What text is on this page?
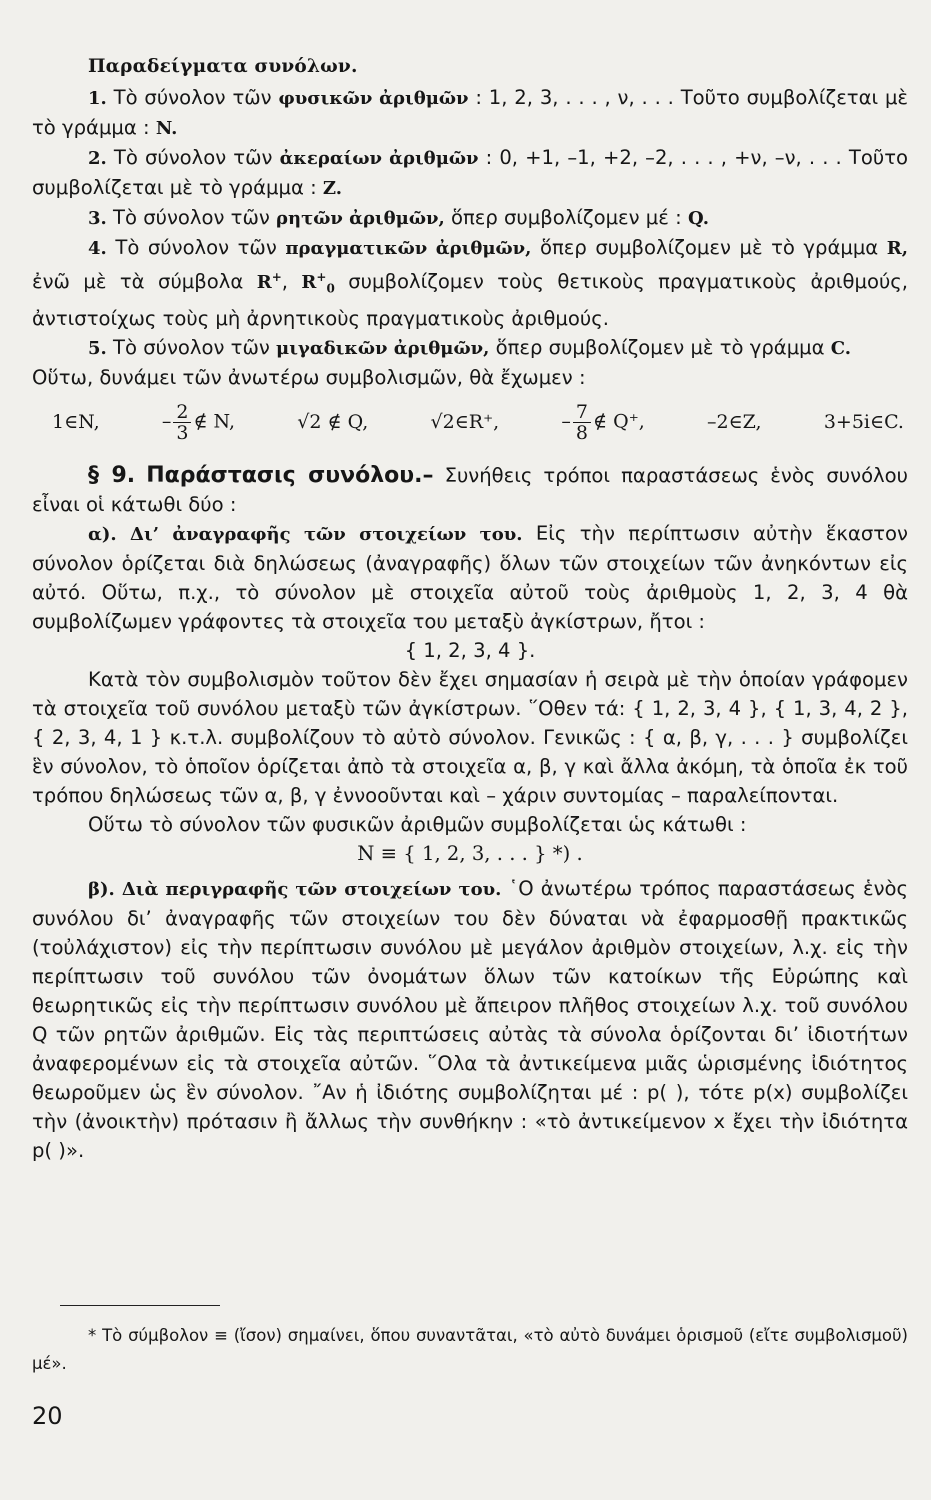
Παραδείγματα συνόλων.

1. Τὸ σύνολον τῶν φυσικῶν ἀριθμῶν : 1, 2, 3, . . . , ν, . . . Τοῦτο συμβολίζεται μὲ τὸ γράμμα : N.

2. Τὸ σύνολον τῶν ἀκεραίων ἀριθμῶν : 0, +1, –1, +2, –2, . . . , +ν, –ν, . . . Τοῦτο συμβολίζεται μὲ τὸ γράμμα : Z.

3. Τὸ σύνολον τῶν ρητῶν ἀριθμῶν, ὅπερ συμβολίζομεν μέ : Q.

4. Τὸ σύνολον τῶν πραγματικῶν ἀριθμῶν, ὅπερ συμβολίζομεν μὲ τὸ γράμμα R, ἐνῶ μὲ τὰ σύμβολα R+, $R^+_0$ συμβολίζομεν τοὺς θετικοὺς πραγματικοὺς ἀριθμούς, ἀντιστοίχως τοὺς μὴ ἀρνητικοὺς πραγματικοὺς ἀριθμούς.

5. Τὸ σύνολον τῶν μιγαδικῶν ἀριθμῶν, ὅπερ συμβολίζομεν μὲ τὸ γράμμα C.

Οὕτω, δυνάμει τῶν ἀνωτέρω συμβολισμῶν, θὰ ἔχωμεν :

1∈N,	– $\frac{2}{3}$ ∉ N,	√2 ∉ Q,	√2∈R⁺,	– $\frac{7}{8}$ ∉ Q⁺,	–2∈Z,	3+5i∈C.

§ 9. Παράστασις συνόλου.– Συνήθεις τρόποι παραστάσεως ἑνὸς συνόλου εἶναι οἱ κάτωθι δύο :

α). Δι’ ἀναγραφῆς τῶν στοιχείων του. Εἰς τὴν περίπτωσιν αὐτὴν ἕκαστον σύνολον ὁρίζεται διὰ δηλώσεως (ἀναγραφῆς) ὅλων τῶν στοιχείων τῶν ἀνηκόντων εἰς αὐτό. Οὕτω, π.χ., τὸ σύνολον μὲ στοιχεῖα αὐτοῦ τοὺς ἀριθμοὺς 1, 2, 3, 4 θὰ συμβολίζωμεν γράφοντες τὰ στοιχεῖα του μεταξὺ ἀγκίστρων, ἤτοι :

{ 1, 2, 3, 4 }.

Κατὰ τὸν συμβολισμὸν τοῦτον δὲν ἔχει σημασίαν ἡ σειρὰ μὲ τὴν ὁποίαν γράφομεν τὰ στοιχεῖα τοῦ συνόλου μεταξὺ τῶν ἀγκίστρων. ῞Οθεν τά: { 1, 2, 3, 4 }, { 1, 3, 4, 2 }, { 2, 3, 4, 1 } κ.τ.λ. συμβολίζουν τὸ αὐτὸ σύνολον. Γενικῶς : { α, β, γ, . . . } συμβολίζει ἓν σύνολον, τὸ ὁποῖον ὁρίζεται ἀπὸ τὰ στοιχεῖα α, β, γ καὶ ἄλλα ἀκόμη, τὰ ὁποῖα ἐκ τοῦ τρόπου δηλώσεως τῶν α, β, γ ἐννοοῦνται καὶ – χάριν συντομίας – παραλείπονται.

Οὕτω τὸ σύνολον τῶν φυσικῶν ἀριθμῶν συμβολίζεται ὡς κάτωθι :

N ≡ { 1, 2, 3, . . . } *) .

β). Διὰ περιγραφῆς τῶν στοιχείων του. ῾Ο ἀνωτέρω τρόπος παραστάσεως ἑνὸς συνόλου δι’ ἀναγραφῆς τῶν στοιχείων του δὲν δύναται νὰ ἐφαρμοσθῇ πρακτικῶς (τοὐλάχιστον) εἰς τὴν περίπτωσιν συνόλου μὲ μεγάλον ἀριθμὸν στοιχείων, λ.χ. εἰς τὴν περίπτωσιν τοῦ συνόλου τῶν ὀνομάτων ὅλων τῶν κατοίκων τῆς Εὐρώπης καὶ θεωρητικῶς εἰς τὴν περίπτωσιν συνόλου μὲ ἄπειρον πλῆθος στοιχείων λ.χ. τοῦ συνόλου Q τῶν ρητῶν ἀριθμῶν. Εἰς τὰς περιπτώσεις αὐτὰς τὰ σύνολα ὁρίζονται δι’ ἰδιοτήτων ἀναφερομένων εἰς τὰ στοιχεῖα αὐτῶν. ῞Ολα τὰ ἀντικείμενα μιᾶς ὡρισμένης ἰδιότητος θεωροῦμεν ὡς ἓν σύνολον. ῎Αν ἡ ἰδιότης συμβολίζηται μέ : p( ), τότε p(x) συμβολίζει τὴν (ἀνοικτὴν) πρότασιν ἢ ἄλλως τὴν συνθήκην : «τὸ ἀντικείμενον x ἔχει τὴν ἰδιότητα p( )».

* Τὸ σύμβολον ≡ (ἴσον) σημαίνει, ὅπου συναντᾶται, «τὸ αὐτὸ δυνάμει ὁρισμοῦ (εἴτε συμβολισμοῦ) μέ».

20
